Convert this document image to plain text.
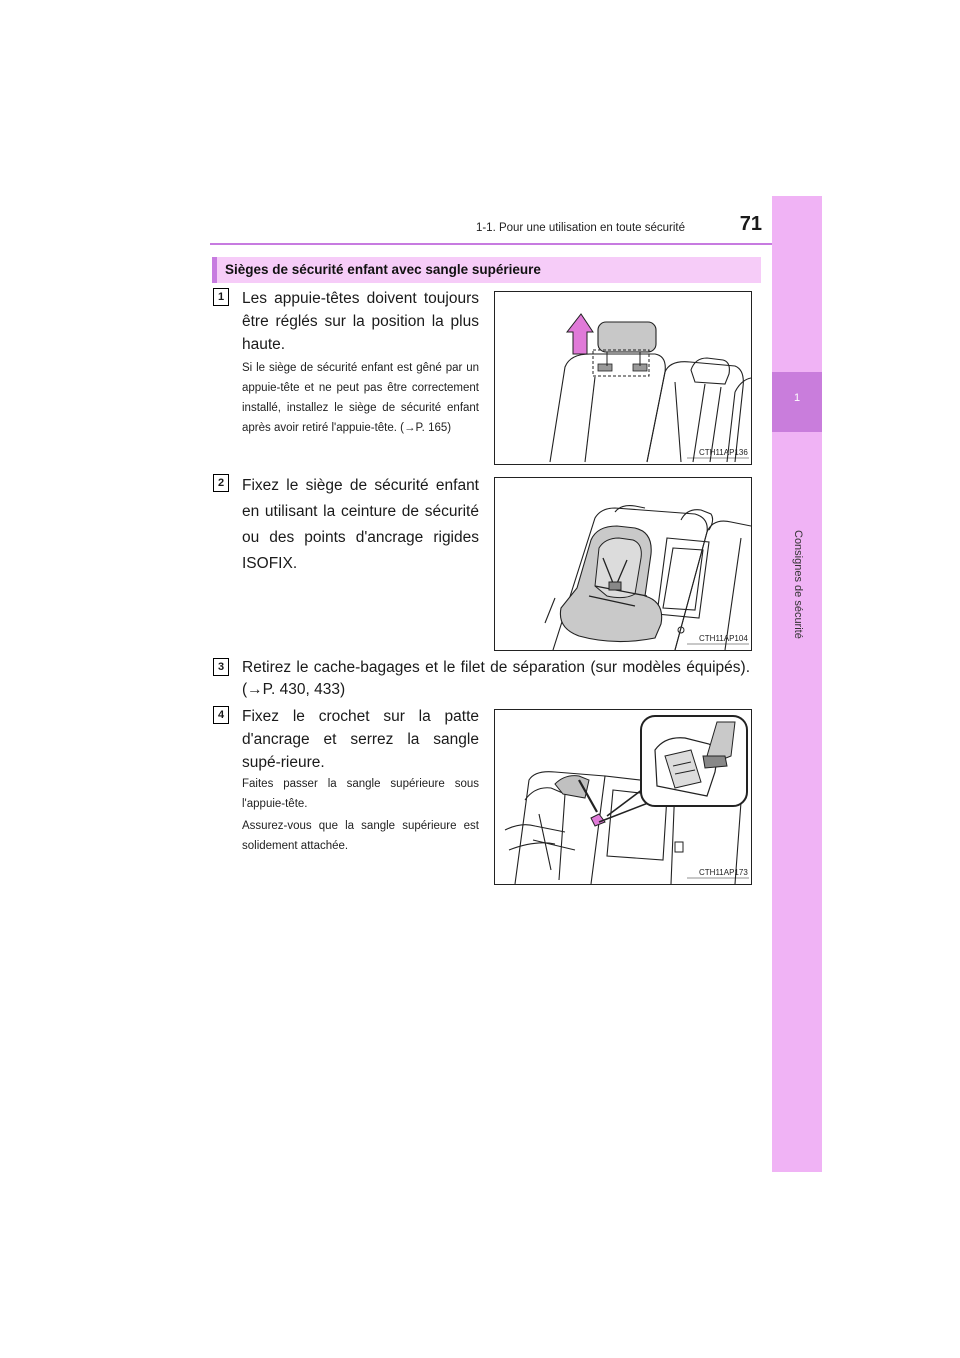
1-1. Pour une utilisation en toute sécurité	71
1
Consignes de sécurité
Sièges de sécurité enfant avec sangle supérieure
1	Les appuie-têtes doivent toujours être réglés sur la position la plus haute.
Si le siège de sécurité enfant est gêné par un appuie-tête et ne peut pas être correctement installé, installez le siège de sécurité enfant après avoir retiré l'appuie-tête. (→P. 165)
CTH11AP136
2	Fixez le siège de sécurité enfant en utilisant la ceinture de sécurité ou des points d'ancrage rigides ISOFIX.
CTH11AP104
3	Retirez le cache-bagages et le filet de séparation (sur modèles équipés). (→P. 430, 433)
4	Fixez le crochet sur la patte d'ancrage et serrez la sangle supé-rieure.
Faites passer la sangle supérieure sous l'appuie-tête.
Assurez-vous que la sangle supérieure est solidement attachée.
CTH11AP173
